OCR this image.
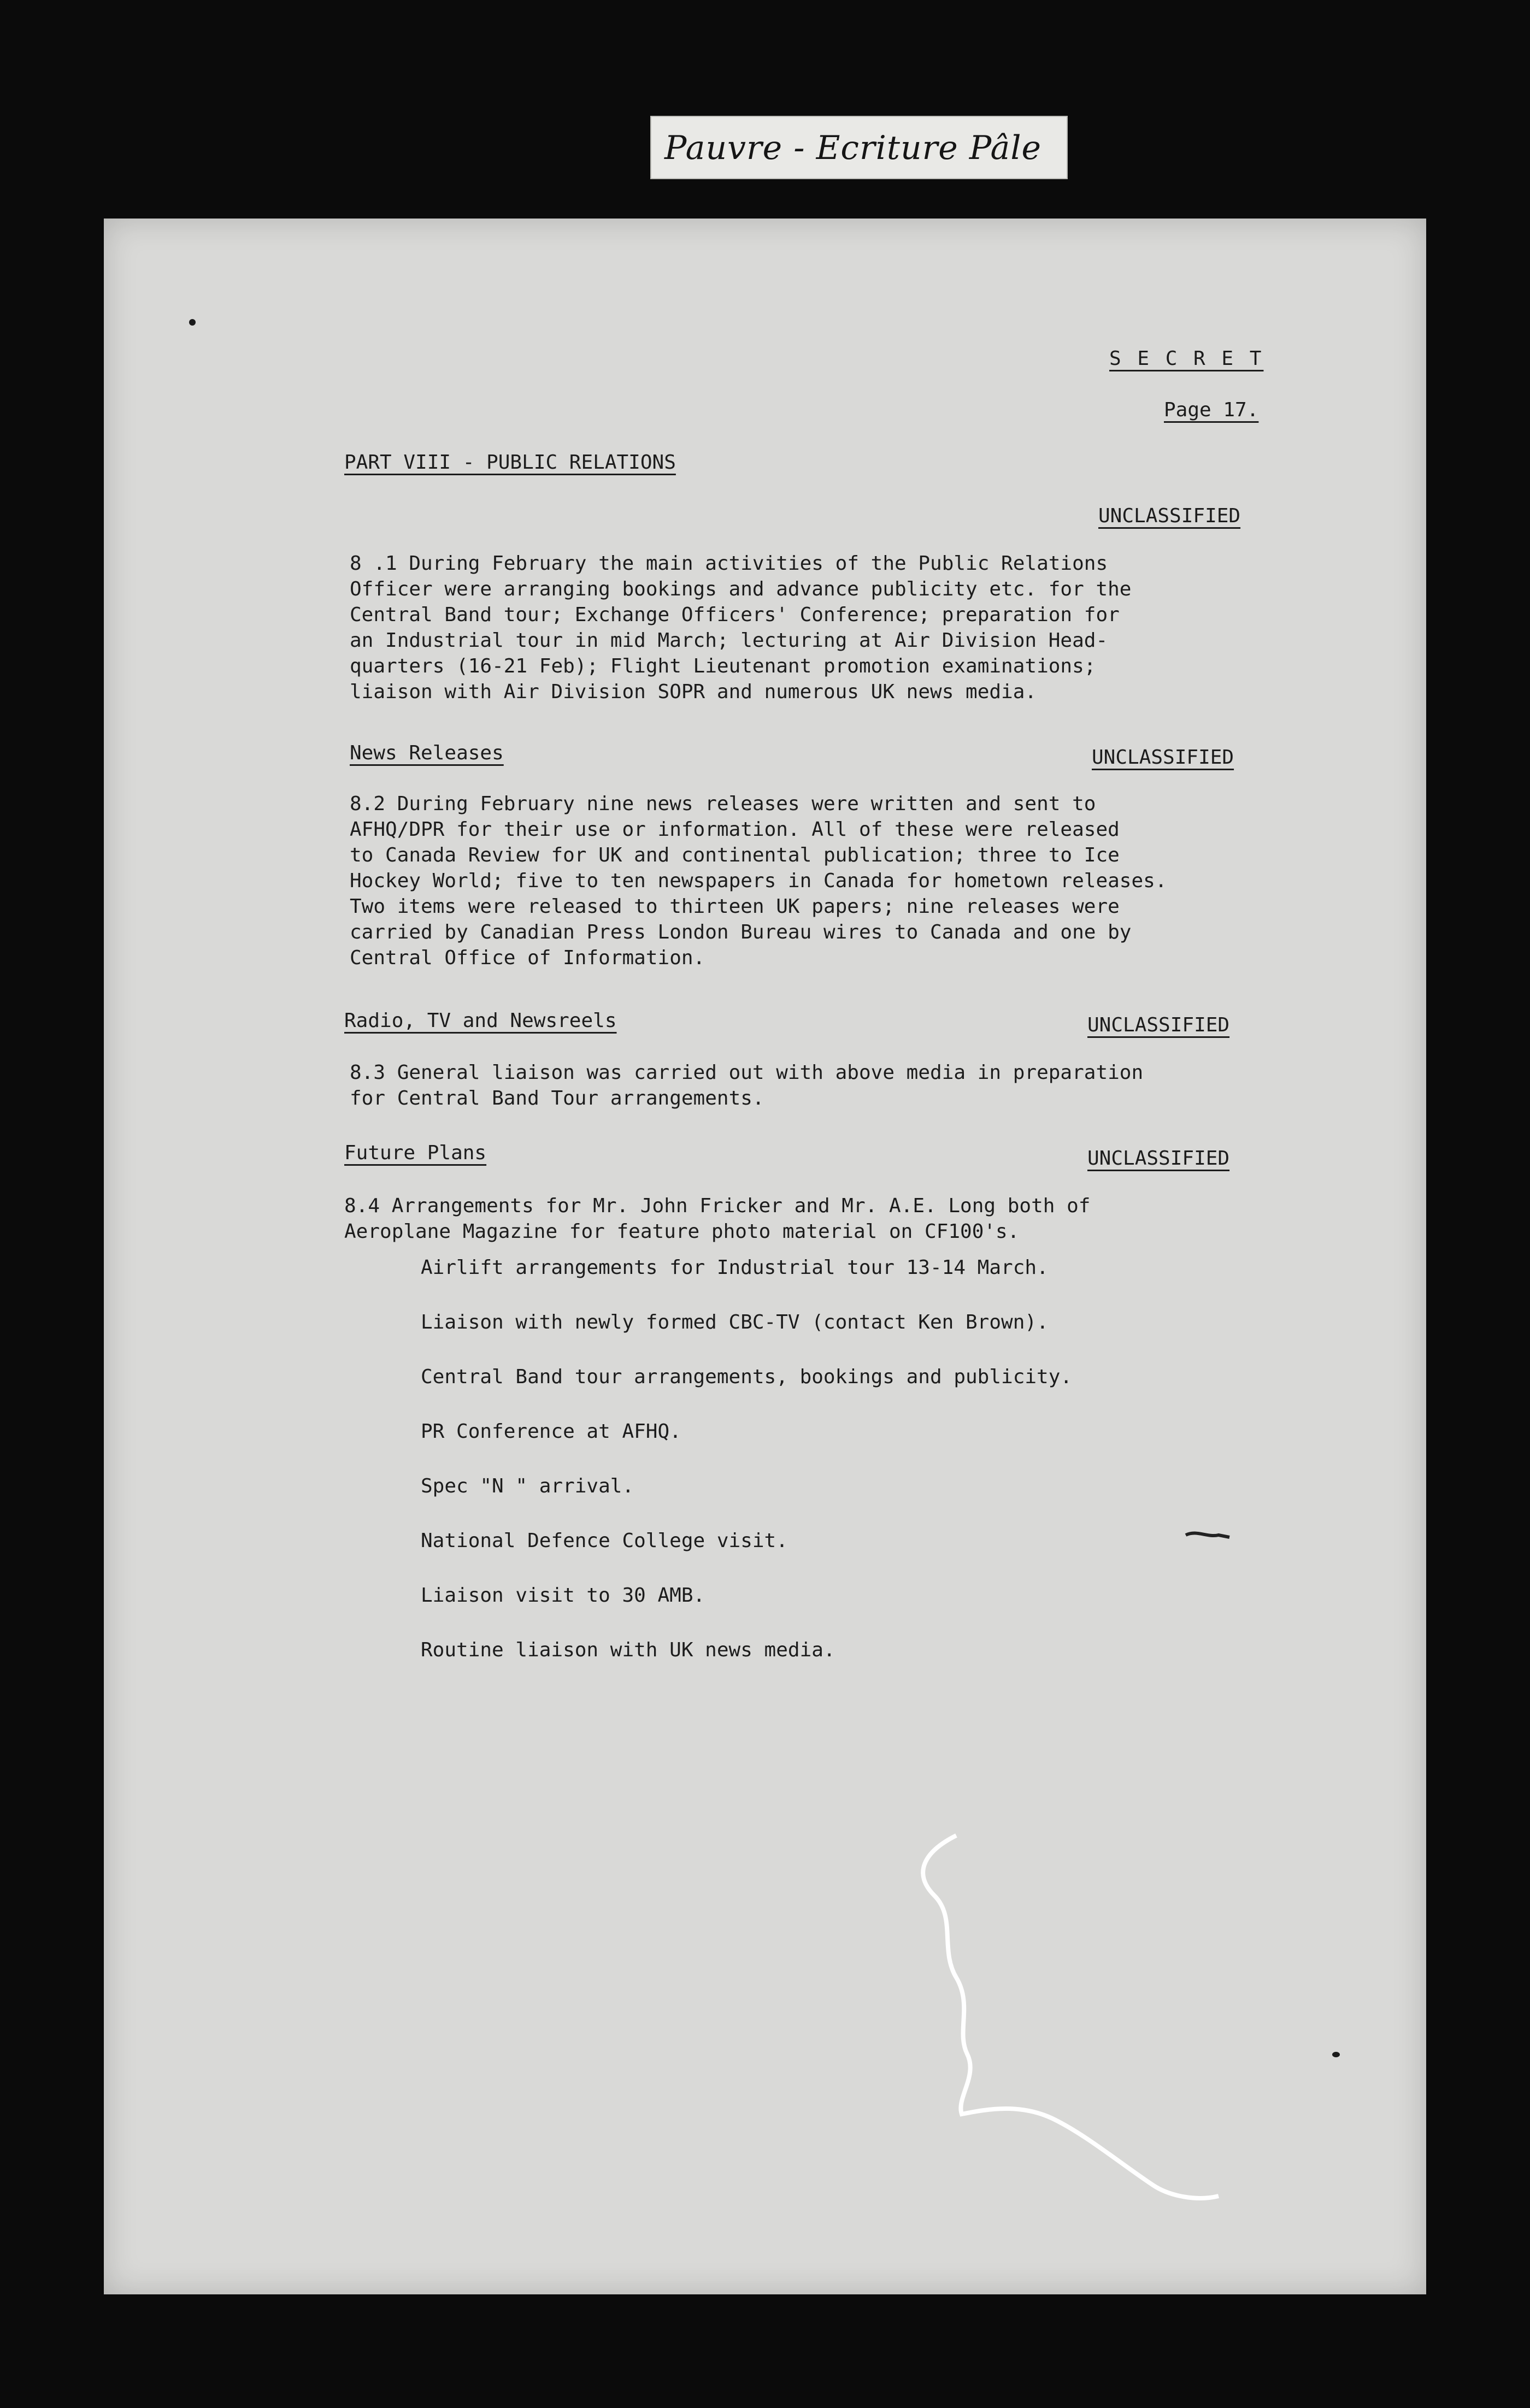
Pauvre - Ecriture Pâle
S E C R E T
Page 17.
PART VIII - PUBLIC RELATIONS
UNCLASSIFIED
8 .1 During February the main activities of the Public Relations
Officer were arranging bookings and advance publicity etc. for the
Central Band tour; Exchange Officers' Conference; preparation for
an Industrial tour in mid March; lecturing at Air Division Head-
quarters (16-21 Feb); Flight Lieutenant promotion examinations;
liaison with Air Division SOPR and numerous UK news media.
News Releases	UNCLASSIFIED
8.2 During February nine news releases were written and sent to
AFHQ/DPR for their use or information. All of these were released
to Canada Review for UK and continental publication; three to Ice
Hockey World; five to ten newspapers in Canada for hometown releases.
Two items were released to thirteen UK papers; nine releases were
carried by Canadian Press London Bureau wires to Canada and one by
Central Office of Information.
Radio, TV and Newsreels	UNCLASSIFIED
8.3 General liaison was carried out with above media in preparation
for Central Band Tour arrangements.
Future Plans	UNCLASSIFIED
8.4 Arrangements for Mr. John Fricker and Mr. A.E. Long both of
Aeroplane Magazine for feature photo material on CF100's.
Airlift arrangements for Industrial tour 13-14 March.
Liaison with newly formed CBC-TV (contact Ken Brown).
Central Band tour arrangements, bookings and publicity.
PR Conference at AFHQ.
Spec "N " arrival.
National Defence College visit.
Liaison visit to 30 AMB.
Routine liaison with UK news media.
